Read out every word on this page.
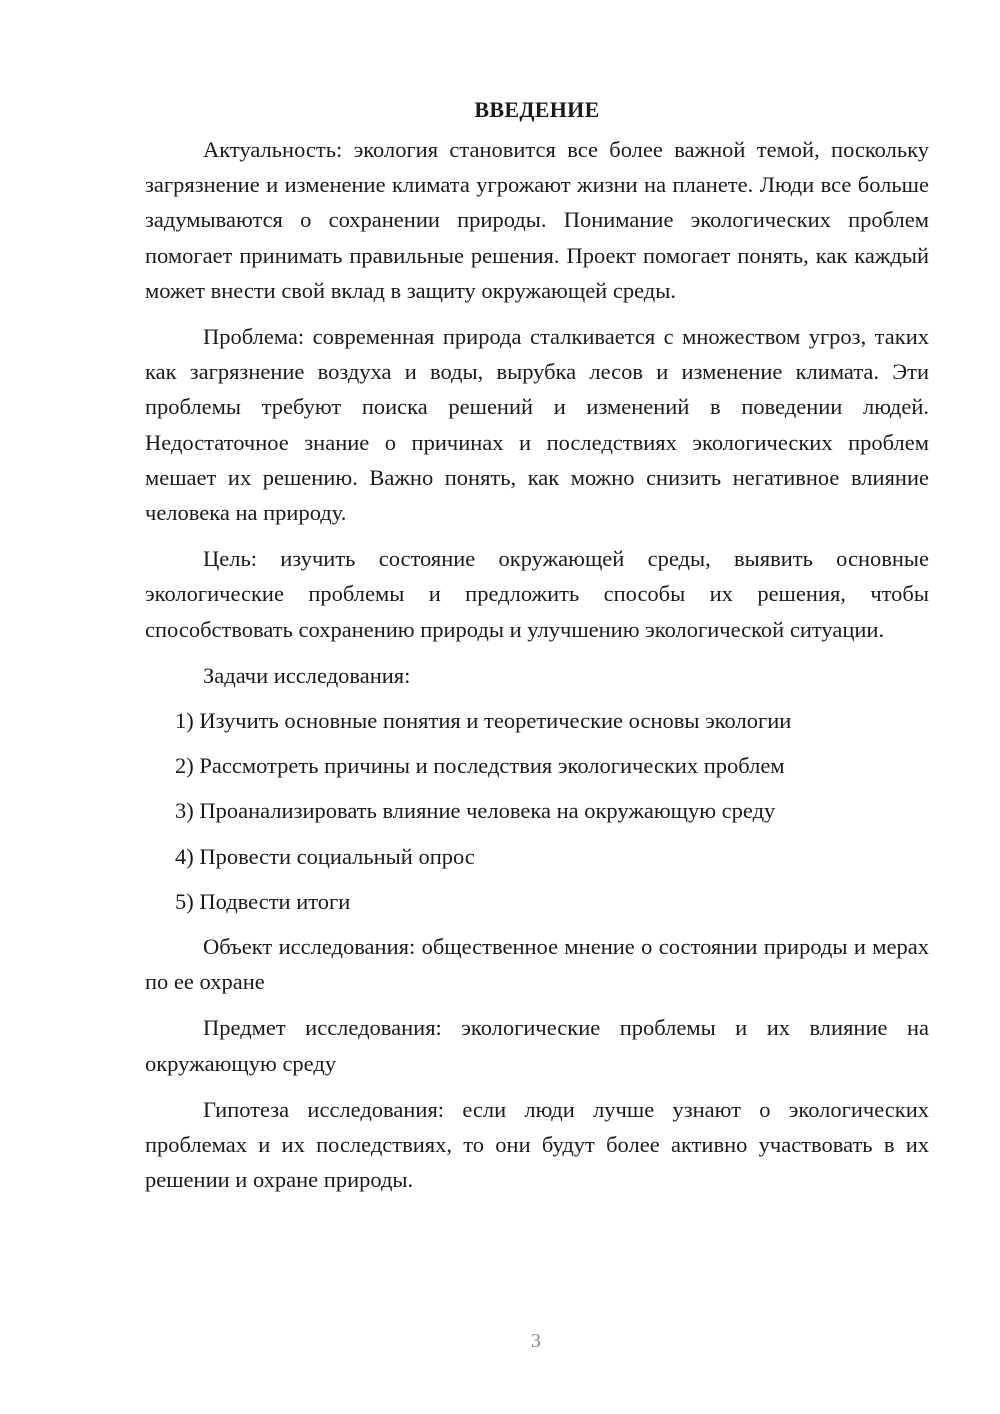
ВВЕДЕНИЕ

Актуальность: экология становится все более важной темой, поскольку загрязнение и изменение климата угрожают жизни на планете. Люди все больше задумываются о сохранении природы. Понимание экологических проблем помогает принимать правильные решения. Проект помогает понять, как каждый может внести свой вклад в защиту окружающей среды.

Проблема: современная природа сталкивается с множеством угроз, таких как загрязнение воздуха и воды, вырубка лесов и изменение климата. Эти проблемы требуют поиска решений и изменений в поведении людей. Недостаточное знание о причинах и последствиях экологических проблем мешает их решению. Важно понять, как можно снизить негативное влияние человека на природу.

Цель: изучить состояние окружающей среды, выявить основные экологические проблемы и предложить способы их решения, чтобы способствовать сохранению природы и улучшению экологической ситуации.

Задачи исследования:

1) Изучить основные понятия и теоретические основы экологии
2) Рассмотреть причины и последствия экологических проблем
3) Проанализировать влияние человека на окружающую среду
4) Провести социальный опрос
5) Подвести итоги

Объект исследования: общественное мнение о состоянии природы и мерах по ее охране

Предмет исследования: экологические проблемы и их влияние на окружающую среду

Гипотеза исследования: если люди лучше узнают о экологических проблемах и их последствиях, то они будут более активно участвовать в их решении и охране природы.

3
